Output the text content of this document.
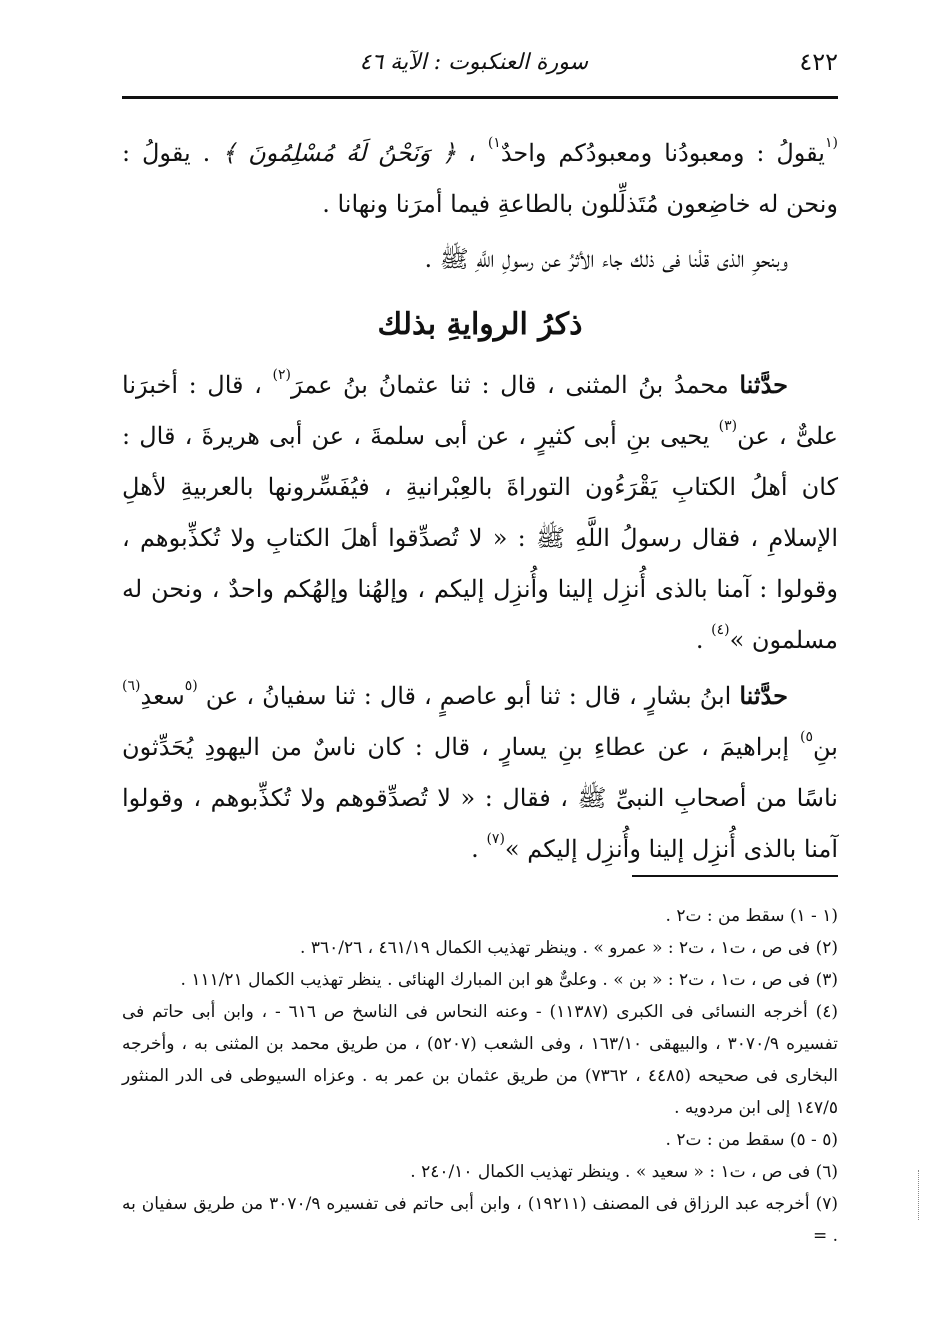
٤٢٢
سورة العنكبوت : الآية ٤٦

$^{(١}$يقولُ : ومعبودُنا ومعبودُكم واحدٌ$^{١)}$ ، ﴿ وَنَحْنُ لَهُ مُسْلِمُونَ ﴾ . يقولُ : ونحن له خاضِعون مُتَذلِّلون بالطاعةِ فيما أمرَنا ونهانا .

وبنحوِ الذى قلْنا فى ذلك جاء الأثرُ عن رسولِ اللَّهِ ﷺ .

ذكرُ الروايةِ بذلك

حدَّثنا محمدُ بنُ المثنى ، قال : ثنا عثمانُ بنُ عمرَ$^{(٢)}$ ، قال : أخبرَنا علىٌّ ، عن$^{(٣)}$ يحيى بنِ أبى كثيرٍ ، عن أبى سلمةَ ، عن أبى هريرةَ ، قال : كان أهلُ الكتابِ يَقْرَءُون التوراةَ بالعِبْرانيةِ ، فيُفَسِّرونها بالعربيةِ لأهلِ الإسلامِ ، فقال رسولُ اللَّهِ ﷺ : « لا تُصدِّقوا أهلَ الكتابِ ولا تُكذِّبوهم ، وقولوا : آمنا بالذى أُنزِل إلينا وأُنزِل إليكم ، وإلهُنا وإلهُكم واحدٌ ، ونحن له مسلمون »$^{(٤)}$ .

حدَّثنا ابنُ بشارٍ ، قال : ثنا أبو عاصمٍ ، قال : ثنا سفيانُ ، عن $^{(٥}$سعدِ$^{(٦)}$ بنِ$^{٥)}$ إبراهيمَ ، عن عطاءِ بنِ يسارٍ ، قال : كان ناسٌ من اليهودِ يُحَدِّثون ناسًا من أصحابِ النبىِّ ﷺ ، فقال : « لا تُصدِّقوهم ولا تُكذِّبوهم ، وقولوا آمنا بالذى أُنزِل إلينا وأُنزِل إليكم »$^{(٧)}$ .

(١ - ١) سقط من : ت٢ .

(٢) فى ص ، ت١ ، ت٢ : « عمرو » . وينظر تهذيب الكمال ٤٦١/١٩ ، ٣٦٠/٢٦ .

(٣) فى ص ، ت١ ، ت٢ : « بن » . وعلىٌّ هو ابن المبارك الهنائى . ينظر تهذيب الكمال ١١١/٢١ .

(٤) أخرجه النسائى فى الكبرى (١١٣٨٧) - وعنه النحاس فى الناسخ ص ٦١٦ - ، وابن أبى حاتم فى تفسيره ٣٠٧٠/٩ ، والبيهقى ١٦٣/١٠ ، وفى الشعب (٥٢٠٧) ، من طريق محمد بن المثنى به ، وأخرجه البخارى فى صحيحه (٤٤٨٥ ، ٧٣٦٢) من طريق عثمان بن عمر به . وعزاه السيوطى فى الدر المنثور ١٤٧/٥ إلى ابن مردويه .

(٥ - ٥) سقط من : ت٢ .

(٦) فى ص ، ت١ : « سعيد » . وينظر تهذيب الكمال ٢٤٠/١٠ .

(٧) أخرجه عبد الرزاق فى المصنف (١٩٢١١) ، وابن أبى حاتم فى تفسيره ٣٠٧٠/٩ من طريق سفيان به . =
